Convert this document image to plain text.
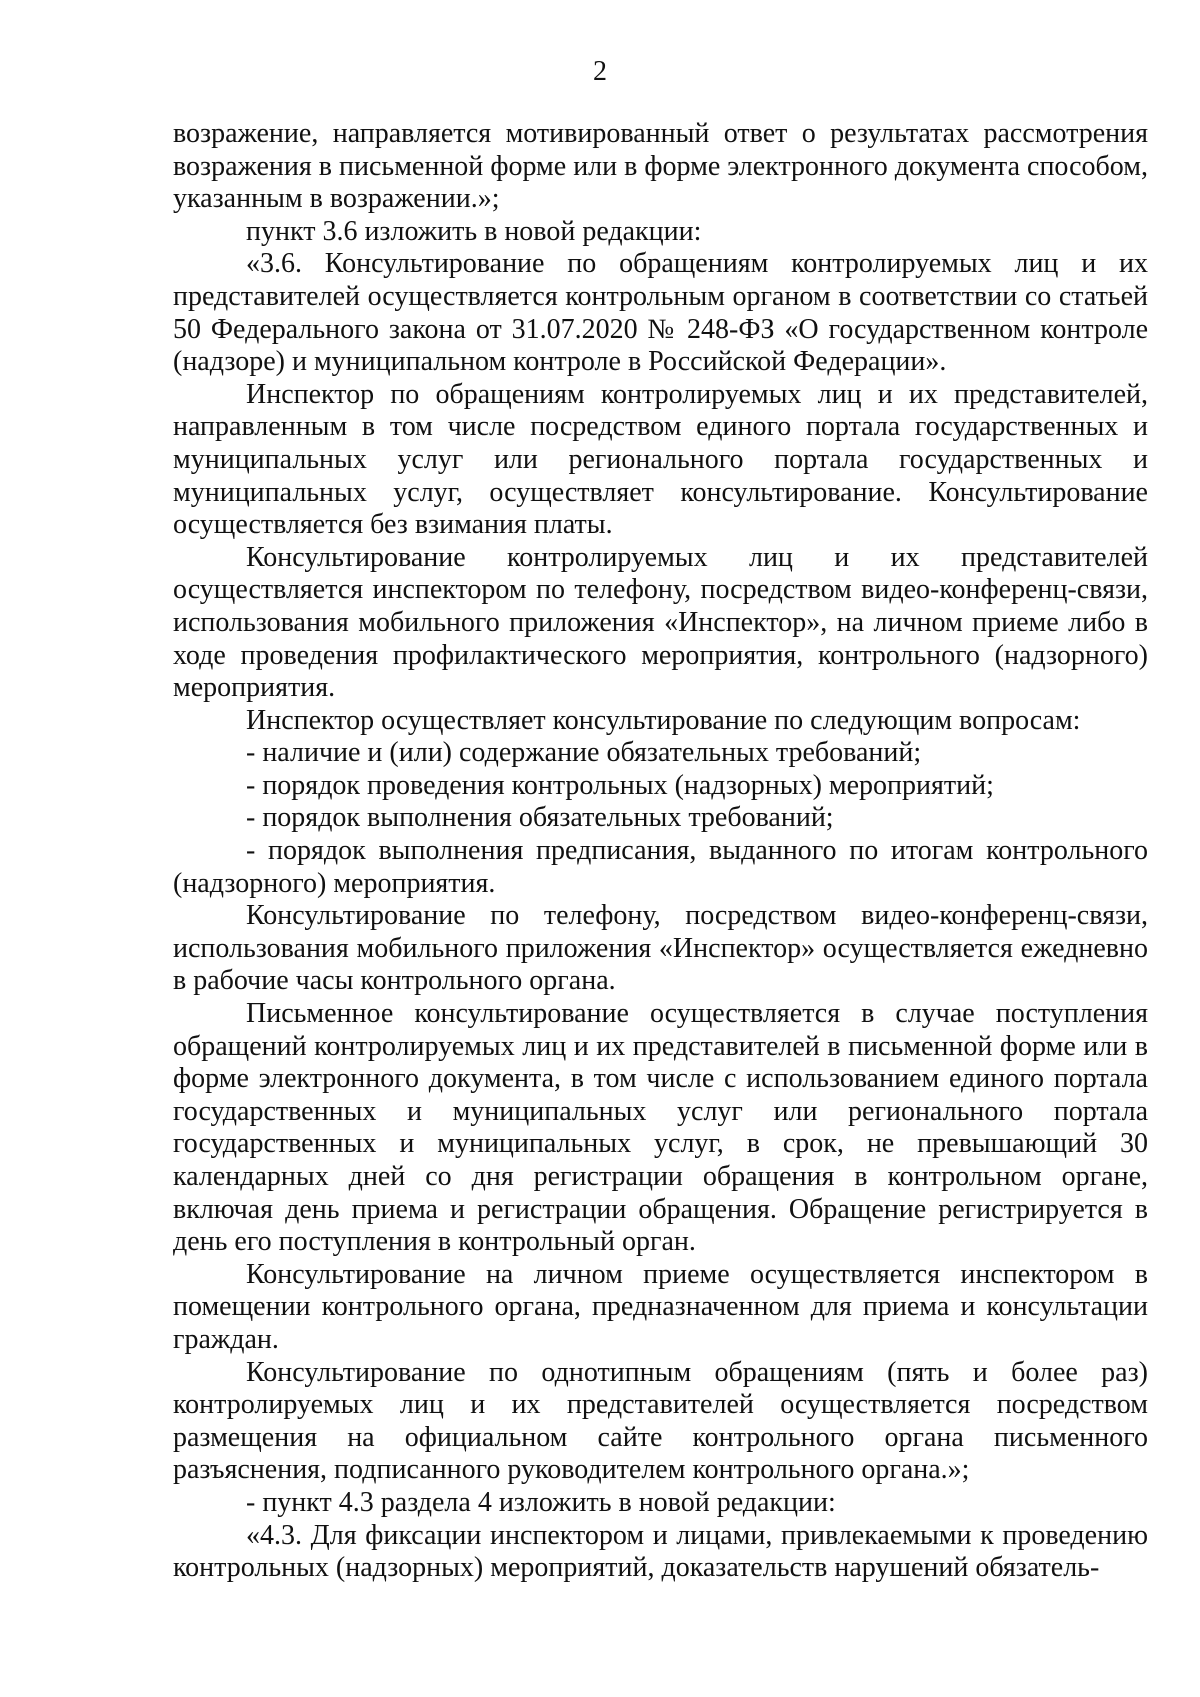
2

возражение, направляется мотивированный ответ о результатах рассмотрения возражения в письменной форме или в форме электронного документа способом, указанным в возражении.»;

пункт 3.6 изложить в новой редакции:

«3.6. Консультирование по обращениям контролируемых лиц и их представителей осуществляется контрольным органом в соответствии со статьей 50 Федерального закона от 31.07.2020 № 248-ФЗ «О государственном контроле (надзоре) и муниципальном контроле в Российской Федерации».

Инспектор по обращениям контролируемых лиц и их представителей, направленным в том числе посредством единого портала государственных и муниципальных услуг или регионального портала государственных и муниципальных услуг, осуществляет консультирование. Консультирование осуществляется без взимания платы.

Консультирование контролируемых лиц и их представителей осуществляется инспектором по телефону, посредством видео-конференц-связи, использования мобильного приложения «Инспектор», на личном приеме либо в ходе проведения профилактического мероприятия, контрольного (надзорного) мероприятия.

Инспектор осуществляет консультирование по следующим вопросам:

- наличие и (или) содержание обязательных требований;

- порядок проведения контрольных (надзорных) мероприятий;

- порядок выполнения обязательных требований;

- порядок выполнения предписания, выданного по итогам контрольного (надзорного) мероприятия.

Консультирование по телефону, посредством видео-конференц-связи, использования мобильного приложения «Инспектор» осуществляется ежедневно в рабочие часы контрольного органа.

Письменное консультирование осуществляется в случае поступления обращений контролируемых лиц и их представителей в письменной форме или в форме электронного документа, в том числе с использованием единого портала государственных и муниципальных услуг или регионального портала государственных и муниципальных услуг, в срок, не превышающий 30 календарных дней со дня регистрации обращения в контрольном органе, включая день приема и регистрации обращения. Обращение регистрируется в день его поступления в контрольный орган.

Консультирование на личном приеме осуществляется инспектором в помещении контрольного органа, предназначенном для приема и консультации граждан.

Консультирование по однотипным обращениям (пять и более раз) контролируемых лиц и их представителей осуществляется посредством размещения на официальном сайте контрольного органа письменного разъяснения, подписанного руководителем контрольного органа.»;

- пункт 4.3 раздела 4 изложить в новой редакции:

«4.3. Для фиксации инспектором и лицами, привлекаемыми к проведению контрольных (надзорных) мероприятий, доказательств нарушений обязатель-
